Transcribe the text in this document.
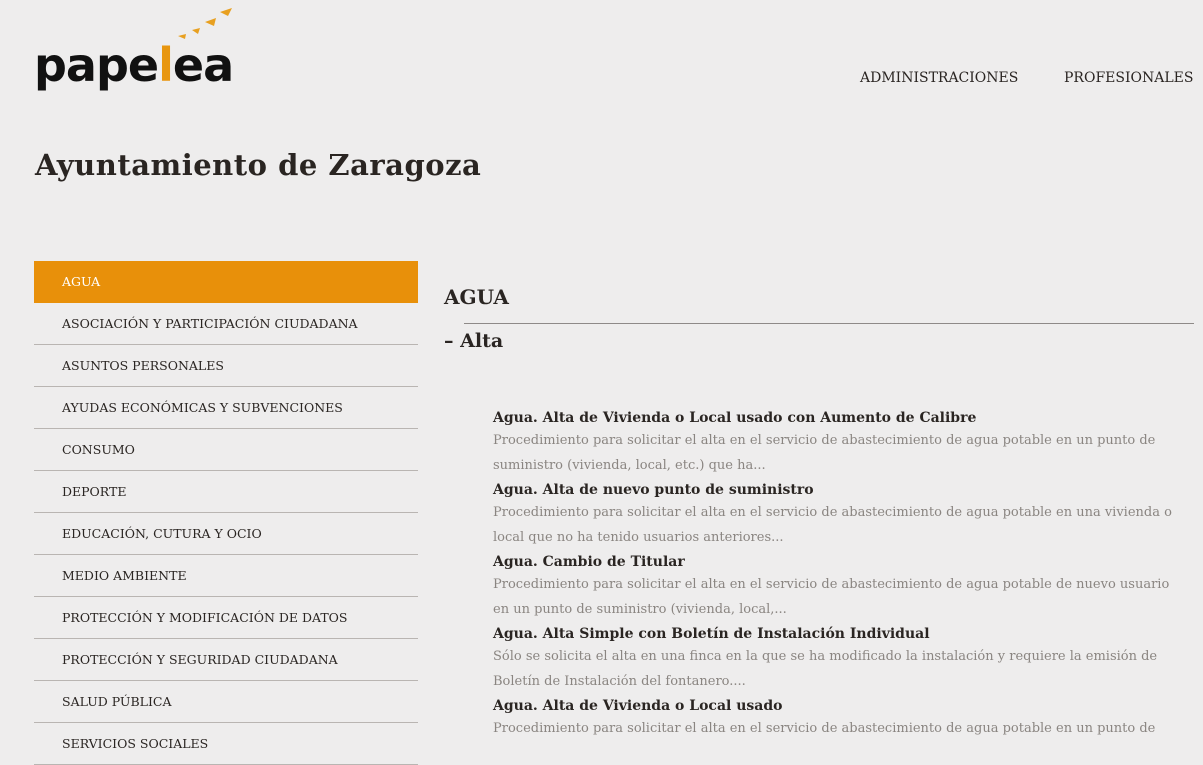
papelea	ADMINISTRACIONES	PROFESIONALES
Ayuntamiento de Zaragoza
AGUA
ASOCIACIÓN Y PARTICIPACIÓN CIUDADANA
ASUNTOS PERSONALES
AYUDAS ECONÓMICAS Y SUBVENCIONES
CONSUMO
DEPORTE
EDUCACIÓN, CUTURA Y OCIO
MEDIO AMBIENTE
PROTECCIÓN Y MODIFICACIÓN DE DATOS
PROTECCIÓN Y SEGURIDAD CIUDADANA
SALUD PÚBLICA
SERVICIOS SOCIALES
AGUA
– Alta
Agua. Alta de Vivienda o Local usado con Aumento de Calibre
Procedimiento para solicitar el alta en el servicio de abastecimiento de agua potable en un punto de suministro (vivienda, local, etc.) que ha...
Agua. Alta de nuevo punto de suministro
Procedimiento para solicitar el alta en el servicio de abastecimiento de agua potable en una vivienda o local que no ha tenido usuarios anteriores...
Agua. Cambio de Titular
Procedimiento para solicitar el alta en el servicio de abastecimiento de agua potable de nuevo usuario en un punto de suministro (vivienda, local,...
Agua. Alta Simple con Boletín de Instalación Individual
Sólo se solicita el alta en una finca en la que se ha modificado la instalación y requiere la emisión de Boletín de Instalación del fontanero....
Agua. Alta de Vivienda o Local usado
Procedimiento para solicitar el alta en el servicio de abastecimiento de agua potable en un punto de
